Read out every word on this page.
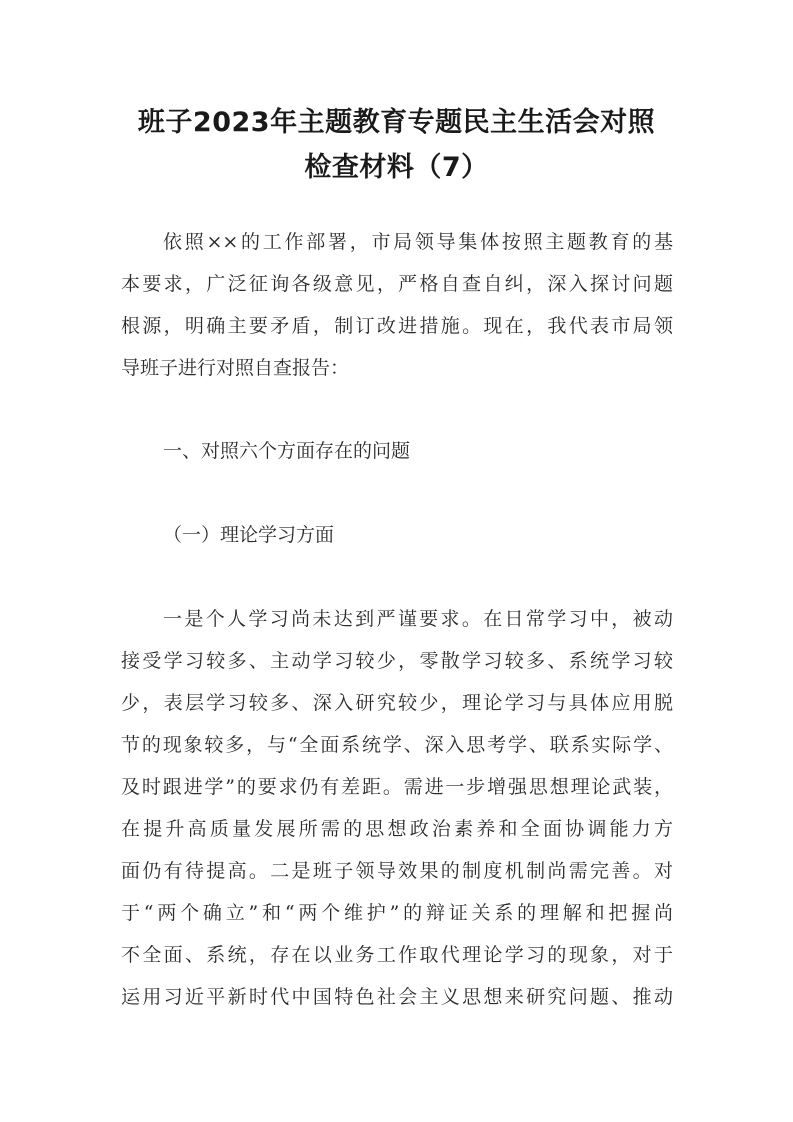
班子2023年主题教育专题民主生活会对照
检查材料（7）
依照××的工作部署，市局领导集体按照主题教育的基
本要求，广泛征询各级意见，严格自查自纠，深入探讨问题
根源，明确主要矛盾，制订改进措施。现在，我代表市局领
导班子进行对照自查报告：
一、对照六个方面存在的问题
（一）理论学习方面
一是个人学习尚未达到严谨要求。在日常学习中，被动
接受学习较多、主动学习较少，零散学习较多、系统学习较
少，表层学习较多、深入研究较少，理论学习与具体应用脱
节的现象较多，与“全面系统学、深入思考学、联系实际学、
及时跟进学”的要求仍有差距。需进一步增强思想理论武装，
在提升高质量发展所需的思想政治素养和全面协调能力方
面仍有待提高。二是班子领导效果的制度机制尚需完善。对
于“两个确立”和“两个维护”的辩证关系的理解和把握尚
不全面、系统，存在以业务工作取代理论学习的现象，对于
运用习近平新时代中国特色社会主义思想来研究问题、推动
